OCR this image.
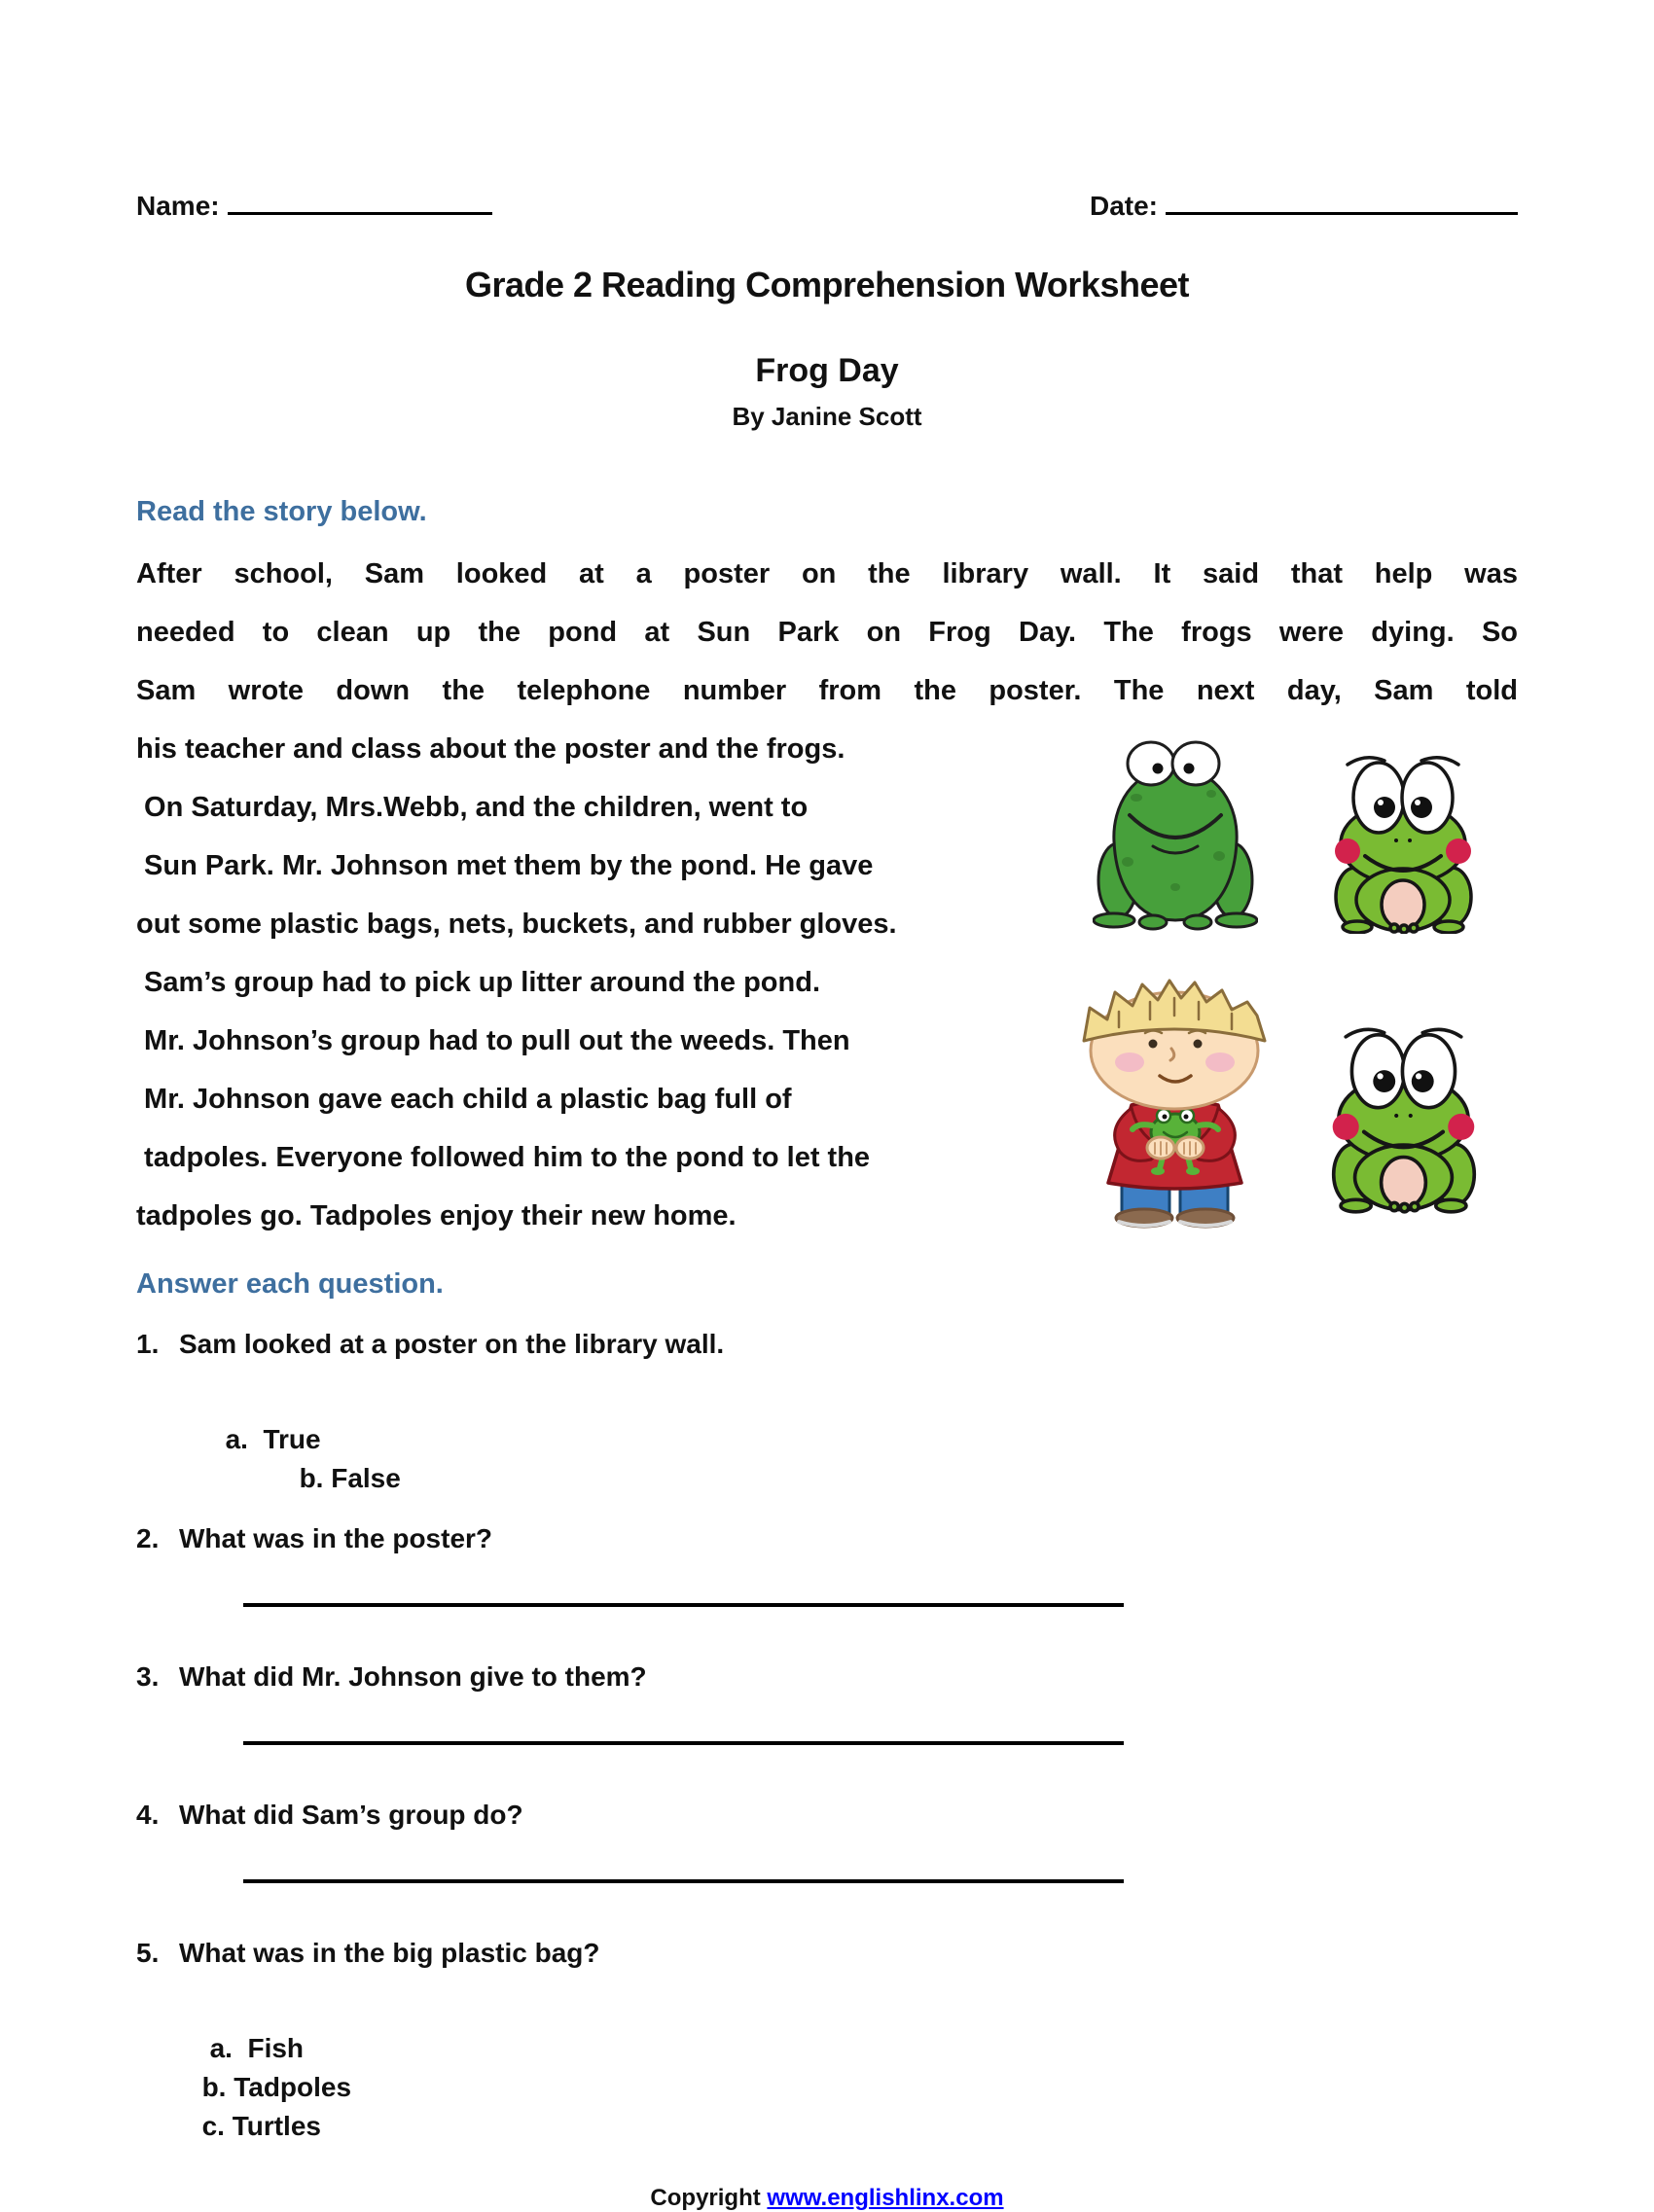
Name:	Date:
Grade 2 Reading Comprehension Worksheet
Frog Day
By Janine Scott
Read the story below.
After school, Sam looked at a poster on the library wall. It said that help was
needed to clean up the pond at Sun Park on Frog Day. The frogs were dying. So
Sam wrote down the telephone number from the poster. The next day, Sam told
his teacher and class about the poster and the frogs.
On Saturday, Mrs.Webb, and the children, went to
Sun Park. Mr. Johnson met them by the pond. He gave
out some plastic bags, nets, buckets, and rubber gloves.
Sam’s group had to pick up litter around the pond.
Mr. Johnson’s group had to pull out the weeds. Then
Mr. Johnson gave each child a plastic bag full of
tadpoles. Everyone followed him to the pond to let the
tadpoles go. Tadpoles enjoy their new home.
Answer each question.
1. Sam looked at a poster on the library wall.

a.  True
b. False

2. What was in the poster?
3. What did Mr. Johnson give to them?
4. What did Sam’s group do?
5. What was in the big plastic bag?

a.  Fish
b. Tadpoles
c. Turtles

Copyright www.englishlinx.com
